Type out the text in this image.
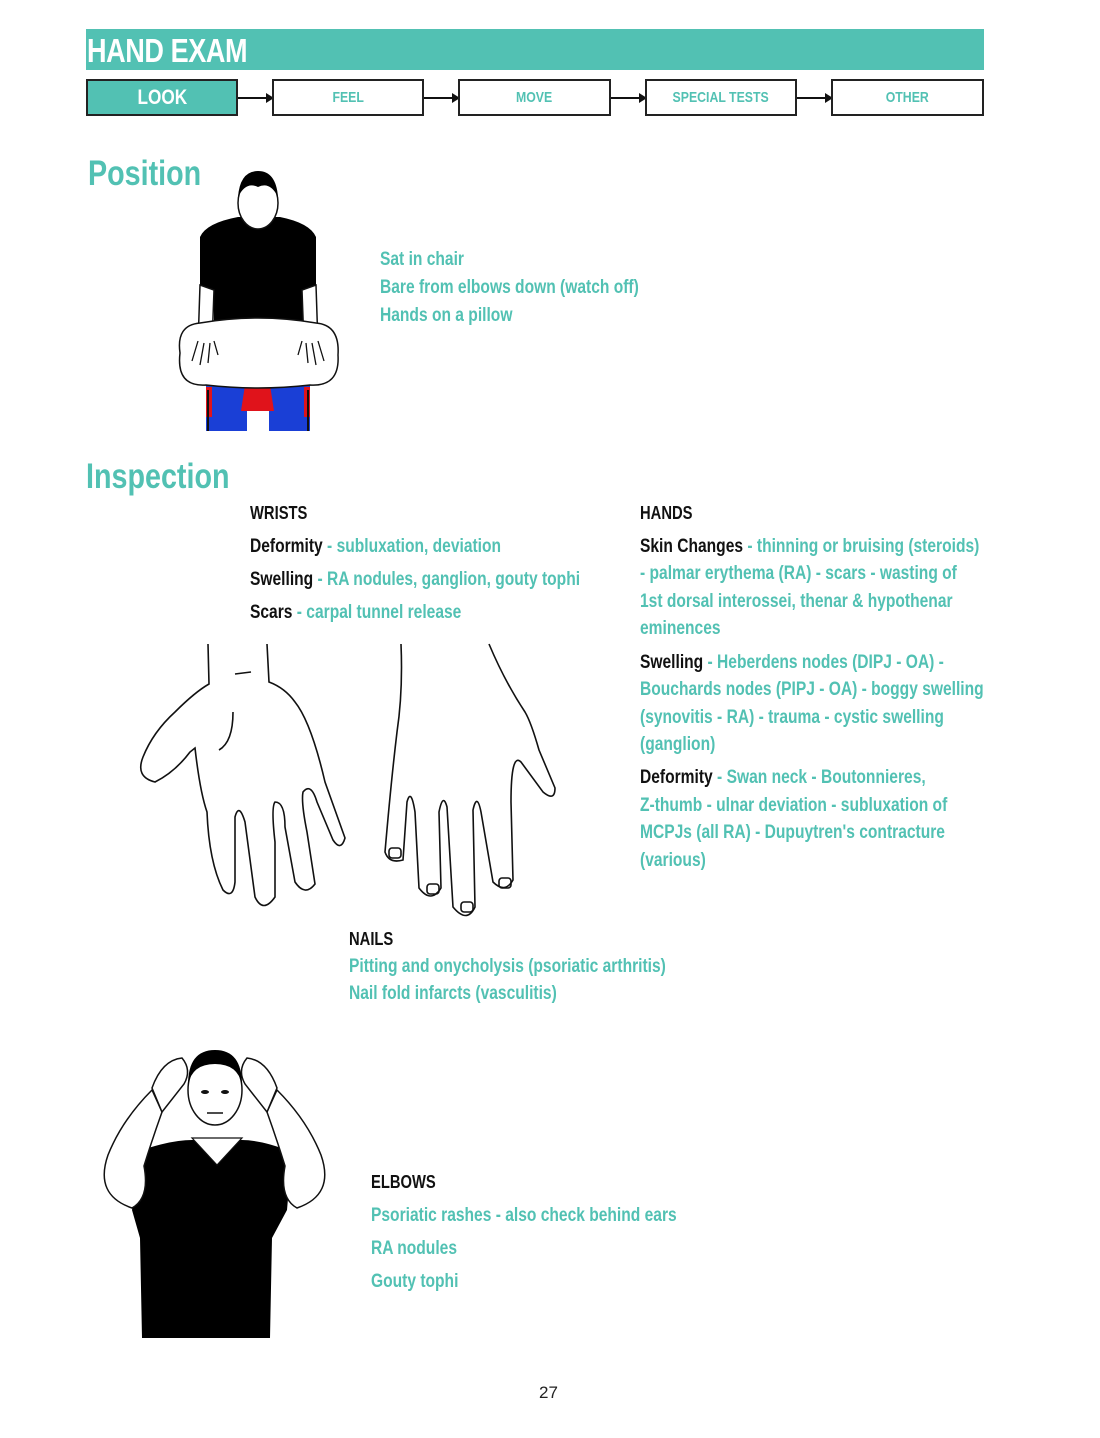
HAND EXAM
LOOK	FEEL	MOVE	SPECIAL TESTS	OTHER
Position
Sat in chair
Bare from elbows down (watch off)
Hands on a pillow
Inspection
WRISTS
Deformity - subluxation, deviation
Swelling - RA nodules, ganglion, gouty tophi
Scars - carpal tunnel release
HANDS
Skin Changes - thinning or bruising (steroids)
- palmar erythema (RA) - scars - wasting of
1st dorsal interossei, thenar & hypothenar
eminences
Swelling - Heberdens nodes (DIPJ - OA) -
Bouchards nodes (PIPJ - OA) - boggy swelling
(synovitis - RA) - trauma - cystic swelling
(ganglion)
Deformity - Swan neck - Boutonnieres,
Z-thumb - ulnar deviation - subluxation of
MCPJs (all RA) - Dupuytren's contracture
(various)
NAILS
Pitting and onycholysis (psoriatic arthritis)
Nail fold infarcts (vasculitis)
ELBOWS
Psoriatic rashes - also check behind ears
RA nodules
Gouty tophi
27
